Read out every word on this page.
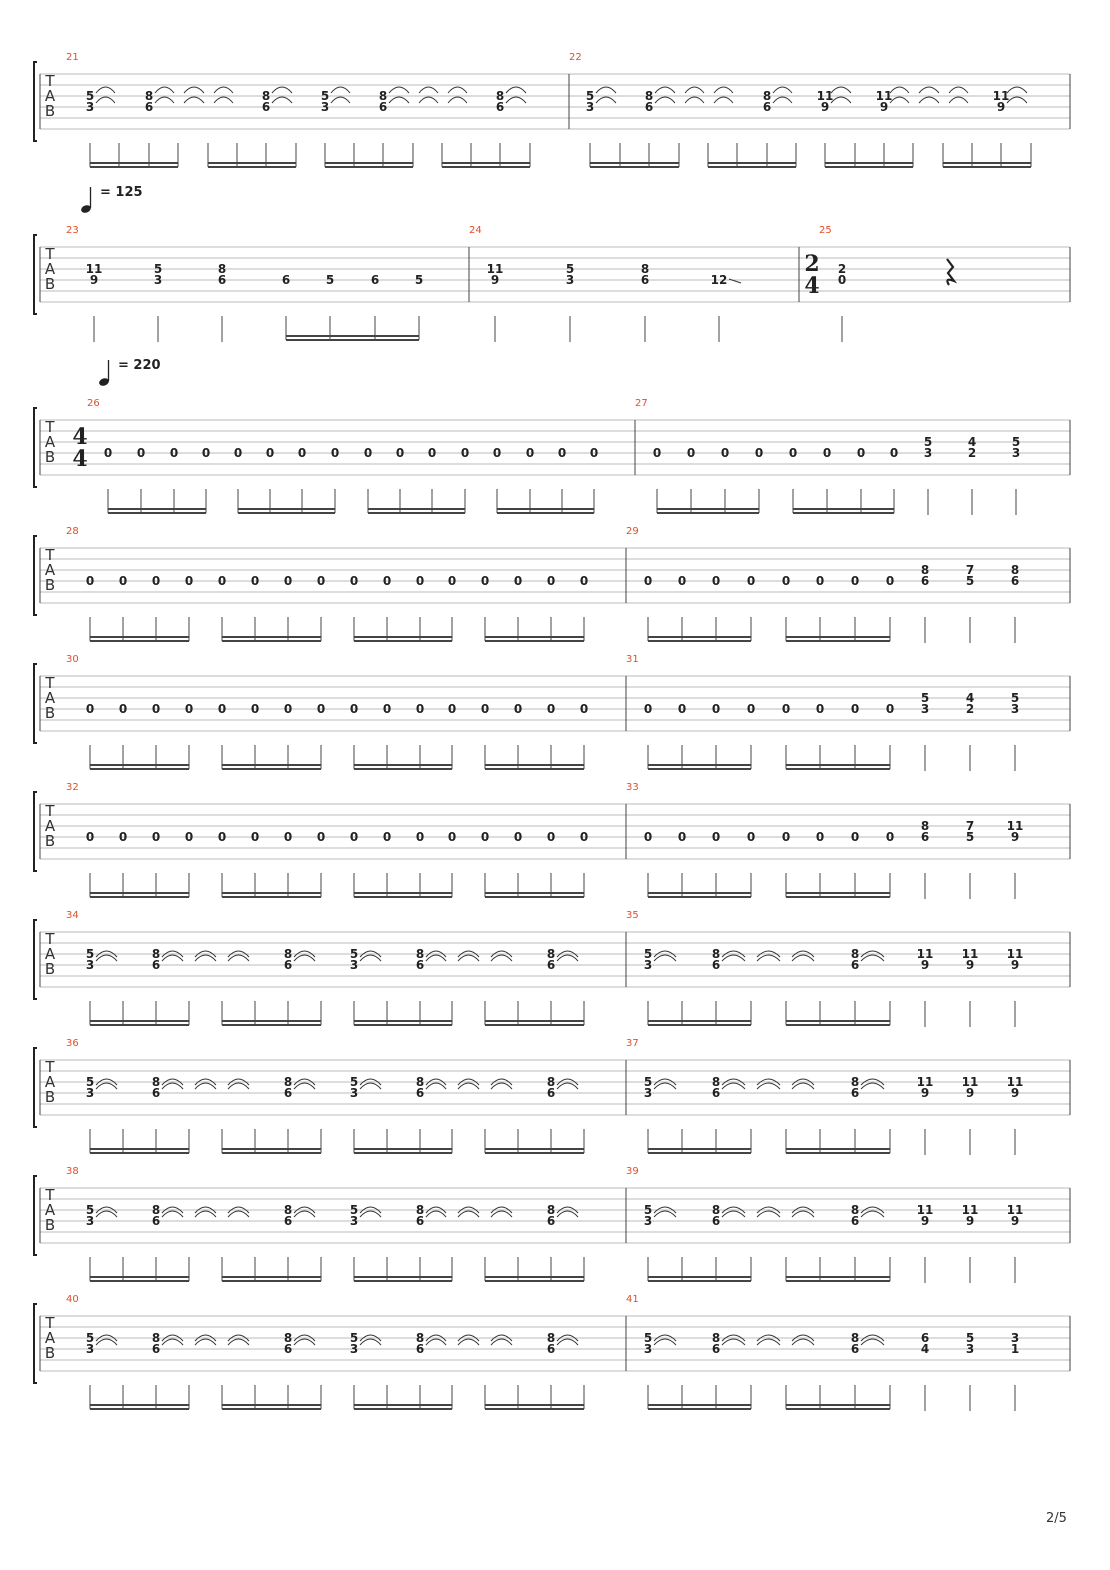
T
A
B
21
5
3
8
6
8
6
5
3
8
6
8
6
22
5
3
8
6
8
6
11
9
11
9
11
9
T
A
B
23
11
9
5
3
8
6	6	5	6	5
24
11
9
5
3
8
6	12
25
2
4
2
0
T
A
B
26
4
4 0 0 0 0 0 0 0 0 0 0 0 0 0 0 0 0
27
0 0 0 0 0 0 0 0
5
3
4
2
5
3
T
A
B
28
0 0 0 0 0 0 0 0 0 0 0 0 0 0 0 0
29
0 0 0 0 0 0 0 0
8
6
7
5
8
6
T
A
B
30
0 0 0 0 0 0 0 0 0 0 0 0 0 0 0 0
31
0 0 0 0 0 0 0 0
5
3
4
2
5
3
T
A
B
32
0 0 0 0 0 0 0 0 0 0 0 0 0 0 0 0
33
0 0 0 0 0 0 0 0
8
6
7
5
11
9
T
A
B
34
5
3
8
6
8
6
5
3
8
6
8
6
35
5
3
8
6
8
6
11
9
11
9
11
9
T
A
B
36
5
3
8
6
8
6
5
3
8
6
8
6
37
5
3
8
6
8
6
11
9
11
9
11
9
T
A
B
38
5
3
8
6
8
6
5
3
8
6
8
6
39
5
3
8
6
8
6
11
9
11
9
11
9
T
A
B
40
5
3
8
6
8
6
5
3
8
6
8
6
41
5
3
8
6
8
6
6
4
5
3
3
1
= 125
= 220
2/5
